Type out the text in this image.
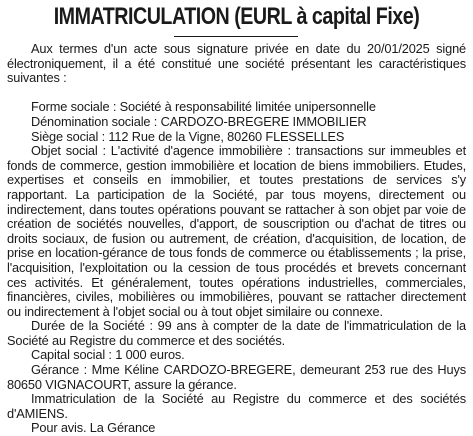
IMMATRICULATION (EURL à capital Fixe)

Aux termes d'un acte sous signature privée en date du 20/01/2025 signé électroniquement, il a été constitué une société présentant les caractéristiques suivantes :

Forme sociale : Société à responsabilité limitée unipersonnelle
Dénomination sociale : CARDOZO-BREGERE IMMOBILIER
Siège social : 112 Rue de la Vigne, 80260 FLESSELLES

Objet social : L'activité d'agence immobilière : transactions sur immeubles et fonds de commerce, gestion immobilière et location de biens immobiliers. Etudes, expertises et conseils en immobilier, et toutes prestations de services s'y rapportant. La participation de la Société, par tous moyens, directement ou indirectement, dans toutes opérations pouvant se rattacher à son objet par voie de création de sociétés nouvelles, d'apport, de souscription ou d'achat de titres ou droits sociaux, de fusion ou autrement, de création, d'acquisition, de location, de prise en location-gérance de tous fonds de commerce ou établissements ; la prise, l'acquisition, l'exploitation ou la cession de tous procédés et brevets concernant ces activités. Et généralement, toutes opérations industrielles, commerciales, financières, civiles, mobilières ou immobilières, pouvant se rattacher directement ou indirectement à l'objet social ou à tout objet similaire ou connexe.

Durée de la Société : 99 ans à compter de la date de l'immatriculation de la Société au Registre du commerce et des sociétés.

Capital social : 1 000 euros.

Gérance : Mme Kéline CARDOZO-BREGERE, demeurant 253 rue des Huys 80650 VIGNACOURT, assure la gérance.

Immatriculation de la Société au Registre du commerce et des sociétés d'AMIENS.

Pour avis. La Gérance
